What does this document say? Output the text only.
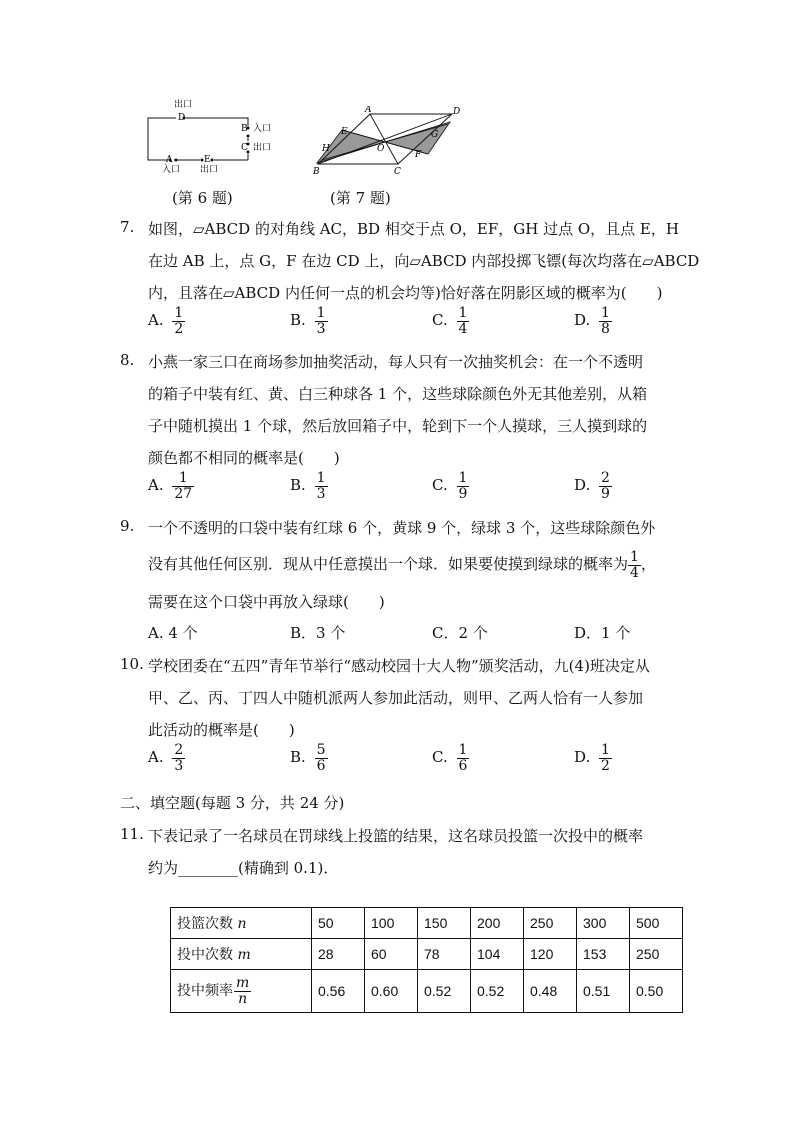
出口
D
B 入口
C 出口
A	E
入口 出口
(第 6 题)
A	D
E	G
H	O
F
B	C
(第 7 题)
7. 如图，▱ABCD 的对角线 AC，BD 相交于点 O，EF，GH 过点 O，且点 E，H
在边 AB 上，点 G，F 在边 CD 上，向▱ABCD 内部投掷飞镖(每次均落在▱ABCD
内，且落在▱ABCD 内任何一点的机会均等)恰好落在阴影区域的概率为(　　)
A. $\frac{1}{2}$	B. $\frac{1}{3}$	C. $\frac{1}{4}$	D. $\frac{1}{8}$
8. 小燕一家三口在商场参加抽奖活动，每人只有一次抽奖机会：在一个不透明
的箱子中装有红、黄、白三种球各 1 个，这些球除颜色外无其他差别，从箱
子中随机摸出 1 个球，然后放回箱子中，轮到下一个人摸球，三人摸到球的
颜色都不相同的概率是(　　)
A. $\frac{1}{27}$	B. $\frac{1}{3}$	C. $\frac{1}{9}$	D. $\frac{2}{9}$
9. 一个不透明的口袋中装有红球 6 个，黄球 9 个，绿球 3 个，这些球除颜色外
没有其他任何区别．现从中任意摸出一个球．如果要使摸到绿球的概率为 $\frac{1}{4}$ ，
需要在这个口袋中再放入绿球(　　)
A. 4 个	B．3 个	C．2 个	D．1 个
10. 学校团委在“五四”青年节举行“感动校园十大人物”颁奖活动，九(4)班决定从
甲、乙、丙、丁四人中随机派两人参加此活动，则甲、乙两人恰有一人参加
此活动的概率是(　　)
A. $\frac{2}{3}$	B. $\frac{5}{6}$	C. $\frac{1}{6}$	D. $\frac{1}{2}$
二、填空题(每题 3 分，共 24 分)
11. 下表记录了一名球员在罚球线上投篮的结果，这名球员投篮一次投中的概率
约为________(精确到 0.1)．
投篮次数 n	50	100	150	200	250	300	500
投中次数 m	28	60	78	104	120	153	250
投中频率 $\frac{m}{n}$	0.56	0.60	0.52	0.52	0.48	0.51	0.50
